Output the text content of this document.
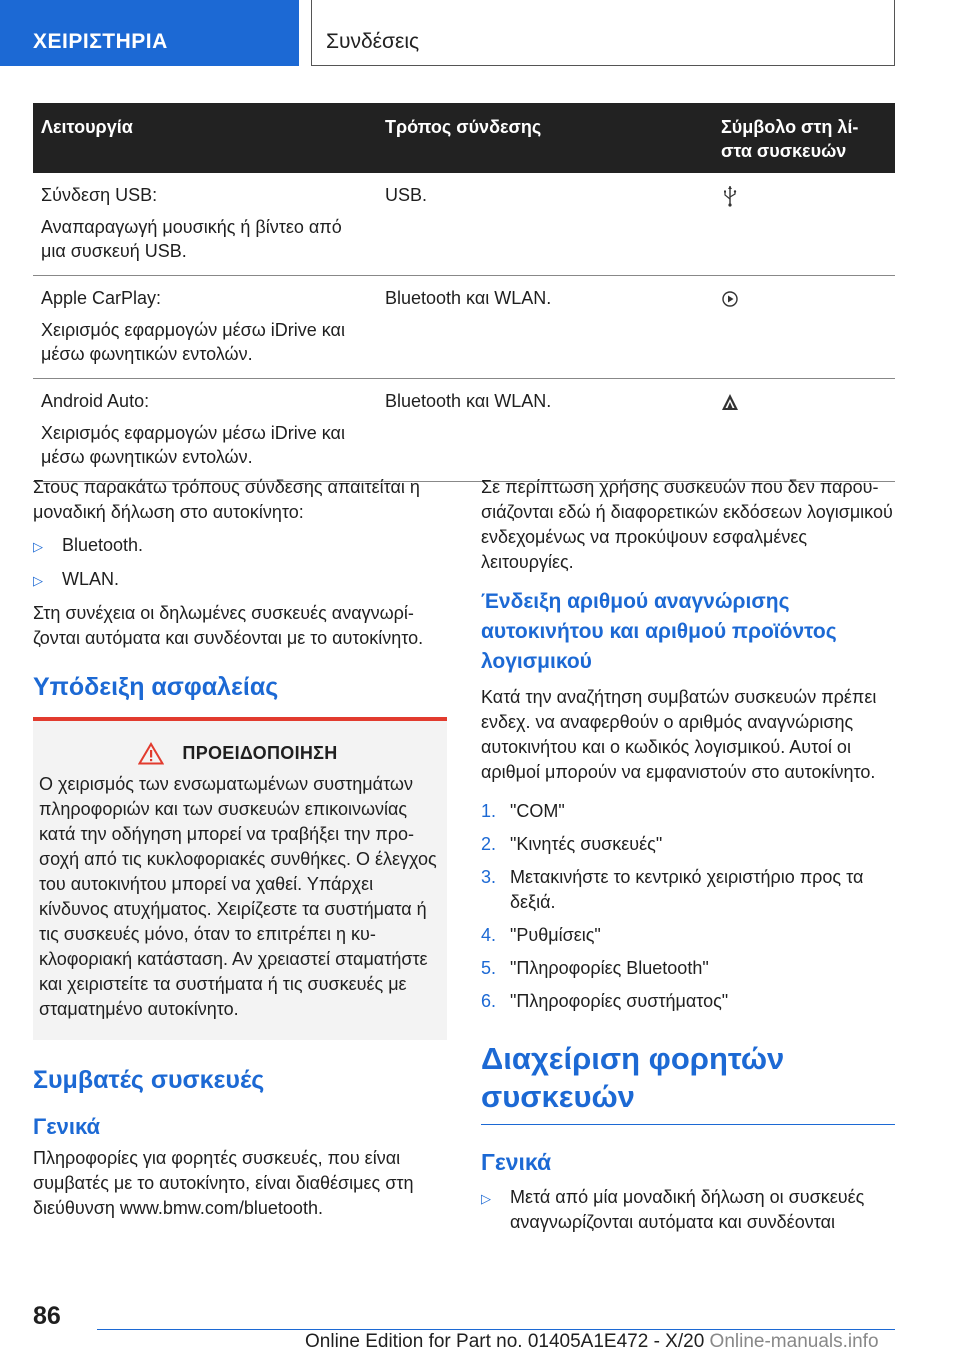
ΧΕΙΡΙΣΤΗΡΙΑ	Συνδέσεις
Λειτουργία	Τρόπος σύνδεσης	Σύμβολο στη λί-
στα συσκευών

Σύνδεση USB:

Αναπαραγωγή μουσικής ή βίντεο από μια συσκευή USB.	USB.	

Apple CarPlay:

Χειρισμός εφαρμογών μέσω iDrive και μέσω φωνητικών εντολών.	Bluetooth και WLAN.	

Android Auto:

Χειρισμός εφαρμογών μέσω iDrive και μέσω φωνητικών εντολών.	Bluetooth και WLAN.	

Στους παρακάτω τρόπους σύνδεσης απαιτείται η μοναδική δήλωση στο αυτοκίνητο:

▷	Bluetooth.
▷	WLAN.

Στη συνέχεια οι δηλωμένες συσκευές αναγνωρίζονται αυτόματα και συνδέονται με το αυτοκίνητο.

Υπόδειξη ασφαλείας
ΠΡΟΕΙΔΟΠΟΙΗΣΗ

Ο χειρισμός των ενσωματωμένων συστημάτων πληροφοριών και των συσκευών επικοινωνίας κατά την οδήγηση μπορεί να τραβήξει την προσοχή από τις κυκλοφοριακές συνθήκες. Ο έλεγχος του αυτοκινήτου μπορεί να χαθεί. Υπάρχει κίνδυνος ατυχήματος. Χειρίζεστε τα συστήματα ή τις συσκευές μόνο, όταν το επιτρέπει η κυκλοφοριακή κατάσταση. Αν χρειαστεί σταματήστε και χειριστείτε τα συστήματα ή τις συσκευές με σταματημένο αυτοκίνητο.

Συμβατές συσκευές
Γενικά

Πληροφορίες για φορητές συσκευές, που είναι συμβατές με το αυτοκίνητο, είναι διαθέσιμες στη διεύθυνση www.bmw.com/bluetooth.

Σε περίπτωση χρήσης συσκευών που δεν παρουσιάζονται εδώ ή διαφορετικών εκδόσεων λογισμικού ενδεχομένως να προκύψουν εσφαλμένες λειτουργίες.

Ένδειξη αριθμού αναγνώρισης αυτοκινήτου και αριθμού προϊόντος λογισμικού

Κατά την αναζήτηση συμβατών συσκευών πρέπει ενδεχ. να αναφερθούν ο αριθμός αναγνώρισης αυτοκινήτου και ο κωδικός λογισμικού. Αυτοί οι αριθμοί μπορούν να εμφανιστούν στο αυτοκίνητο.

1. "COM"
2. "Κινητές συσκευές"
3. Μετακινήστε το κεντρικό χειριστήριο προς τα δεξιά.
4. "Ρυθμίσεις"
5. "Πληροφορίες Bluetooth"
6. "Πληροφορίες συστήματος"
Διαχείριση φορητών συσκευών
Γενικά
▷	Μετά από μία μοναδική δήλωση οι συσκευές αναγνωρίζονται αυτόματα και συνδέονται
86
Online Edition for Part no. 01405A1E472 - X/20 Online-manuals.info
